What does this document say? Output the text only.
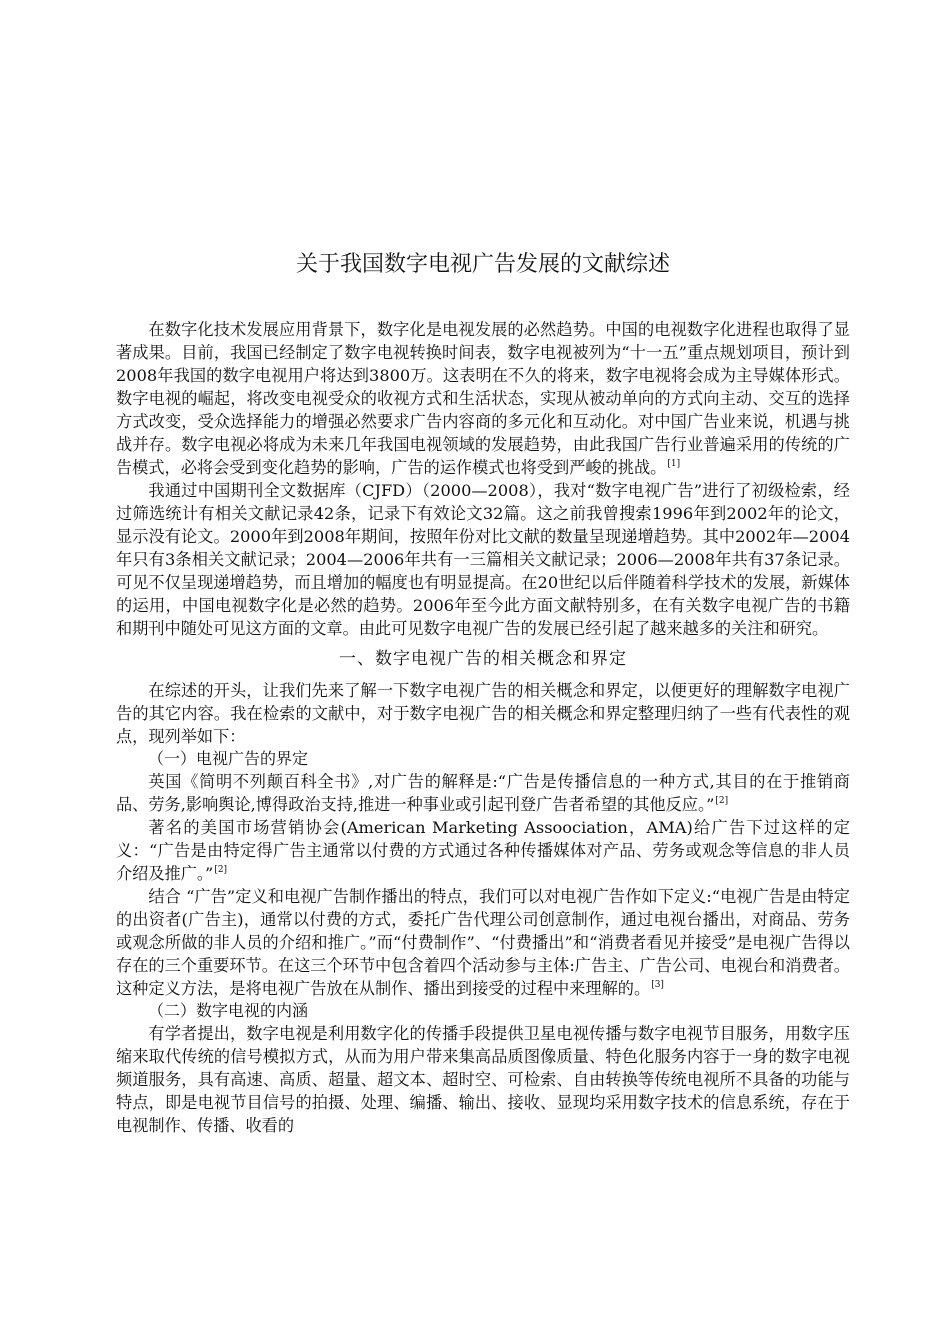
关于我国数字电视广告发展的文献综述

在数字化技术发展应用背景下，数字化是电视发展的必然趋势。中国的电视数字化进程也取得了显著成果。目前，我国已经制定了数字电视转换时间表，数字电视被列为“十一五”重点规划项目，预计到2008年我国的数字电视用户将达到3800万。这表明在不久的将来，数字电视将会成为主导媒体形式。数字电视的崛起，将改变电视受众的收视方式和生活状态，实现从被动单向的方式向主动、交互的选择方式改变，受众选择能力的增强必然要求广告内容商的多元化和互动化。对中国广告业来说，机遇与挑战并存。数字电视必将成为未来几年我国电视领域的发展趋势，由此我国广告行业普遍采用的传统的广告模式，必将会受到变化趋势的影响，广告的运作模式也将受到严峻的挑战。[1]

我通过中国期刊全文数据库（CJFD）（2000—2008），我对“数字电视广告”进行了初级检索，经过筛选统计有相关文献记录42条，记录下有效论文32篇。这之前我曾搜索1996年到2002年的论文，显示没有论文。2000年到2008年期间，按照年份对比文献的数量呈现递增趋势。其中2002年—2004年只有3条相关文献记录；2004—2006年共有一三篇相关文献记录；2006—2008年共有37条记录。可见不仅呈现递增趋势，而且增加的幅度也有明显提高。在20世纪以后伴随着科学技术的发展，新媒体的运用，中国电视数字化是必然的趋势。2006年至今此方面文献特别多，在有关数字电视广告的书籍和期刊中随处可见这方面的文章。由此可见数字电视广告的发展已经引起了越来越多的关注和研究。

一、数字电视广告的相关概念和界定

在综述的开头，让我们先来了解一下数字电视广告的相关概念和界定，以便更好的理解数字电视广告的其它内容。我在检索的文献中，对于数字电视广告的相关概念和界定整理归纳了一些有代表性的观点，现列举如下：

（一）电视广告的界定

英国《简明不列颠百科全书》,对广告的解释是:“广告是传播信息的一种方式,其目的在于推销商品、劳务,影响舆论,博得政治支持,推进一种事业或引起刊登广告者希望的其他反应。”[2]

著名的美国市场营销协会(American Marketing Assoociation，AMA)给广告下过这样的定义：“广告是由特定得广告主通常以付费的方式通过各种传播媒体对产品、劳务或观念等信息的非人员介绍及推广。”[2]

结合 “广告”定义和电视广告制作播出的特点，我们可以对电视广告作如下定义:“电视广告是由特定的出资者(广告主)，通常以付费的方式，委托广告代理公司创意制作，通过电视台播出，对商品、劳务或观念所做的非人员的介绍和推广。”而“付费制作”、“付费播出”和“消费者看见并接受”是电视广告得以存在的三个重要环节。在这三个环节中包含着四个活动参与主体:广告主、广告公司、电视台和消费者。这种定义方法，是将电视广告放在从制作、播出到接受的过程中来理解的。[3]

（二）数字电视的内涵

有学者提出，数字电视是利用数字化的传播手段提供卫星电视传播与数字电视节目服务，用数字压缩来取代传统的信号模拟方式，从而为用户带来集高品质图像质量、特色化服务内容于一身的数字电视频道服务，具有高速、高质、超量、超文本、超时空、可检索、自由转换等传统电视所不具备的功能与特点，即是电视节目信号的拍摄、处理、编播、输出、接收、显现均采用数字技术的信息系统，存在于电视制作、传播、收看的
